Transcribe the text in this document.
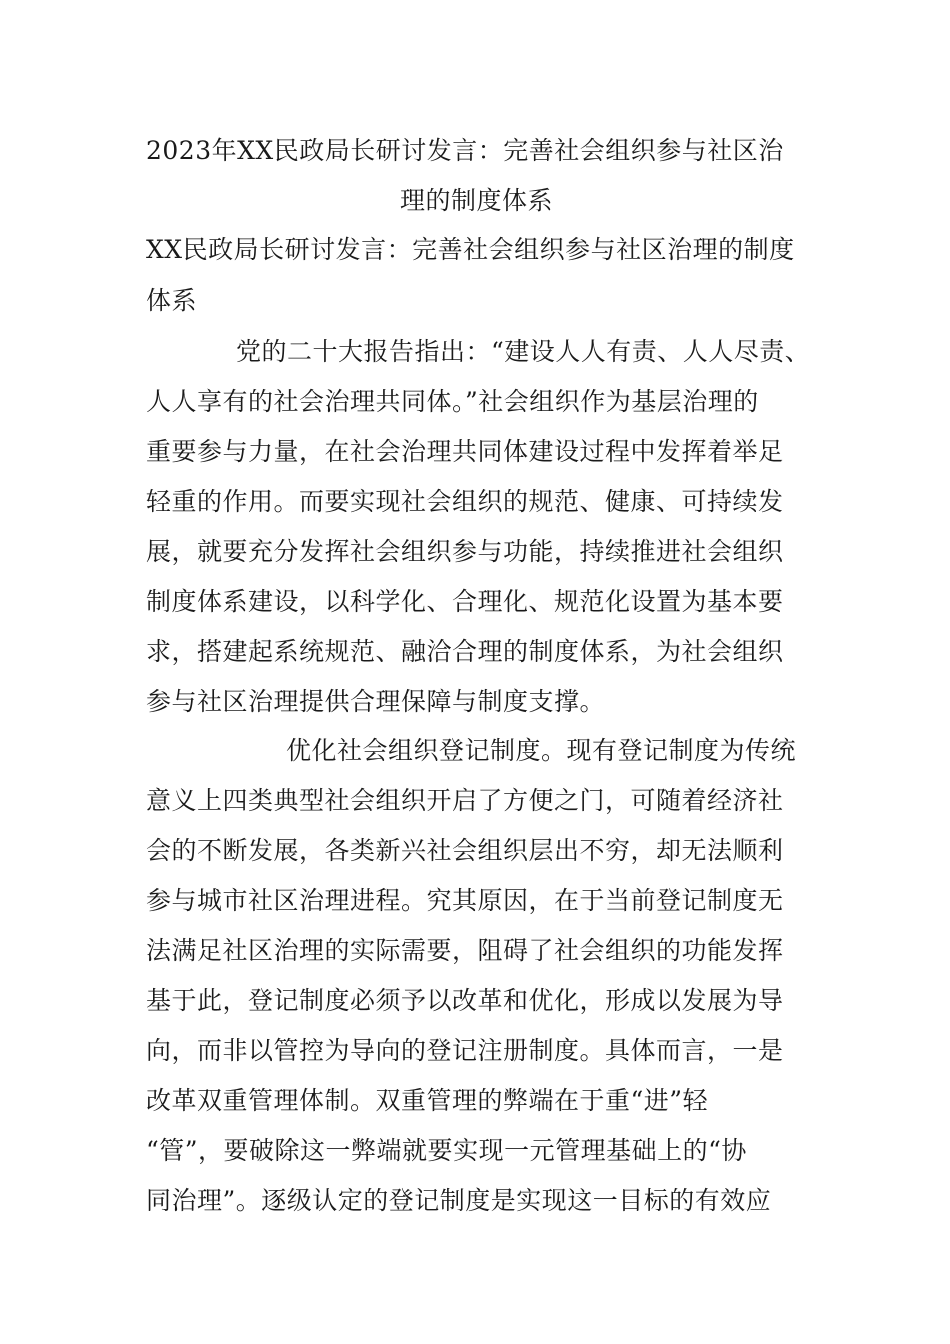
2023年XX民政局长研讨发言：完善社会组织参与社区治
理的制度体系
XX民政局长研讨发言：完善社会组织参与社区治理的制度
体系
党的二十大报告指出：“建设人人有责、人人尽责、
人人享有的社会治理共同体。”社会组织作为基层治理的
重要参与力量，在社会治理共同体建设过程中发挥着举足
轻重的作用。而要实现社会组织的规范、健康、可持续发
展，就要充分发挥社会组织参与功能，持续推进社会组织
制度体系建设，以科学化、合理化、规范化设置为基本要
求，搭建起系统规范、融洽合理的制度体系，为社会组织
参与社区治理提供合理保障与制度支撑。
优化社会组织登记制度。现有登记制度为传统
意义上四类典型社会组织开启了方便之门，可随着经济社
会的不断发展，各类新兴社会组织层出不穷，却无法顺利
参与城市社区治理进程。究其原因，在于当前登记制度无
法满足社区治理的实际需要，阻碍了社会组织的功能发挥
基于此，登记制度必须予以改革和优化，形成以发展为导
向，而非以管控为导向的登记注册制度。具体而言，一是
改革双重管理体制。双重管理的弊端在于重“进”轻
“管”，要破除这一弊端就要实现一元管理基础上的“协
同治理”。逐级认定的登记制度是实现这一目标的有效应
